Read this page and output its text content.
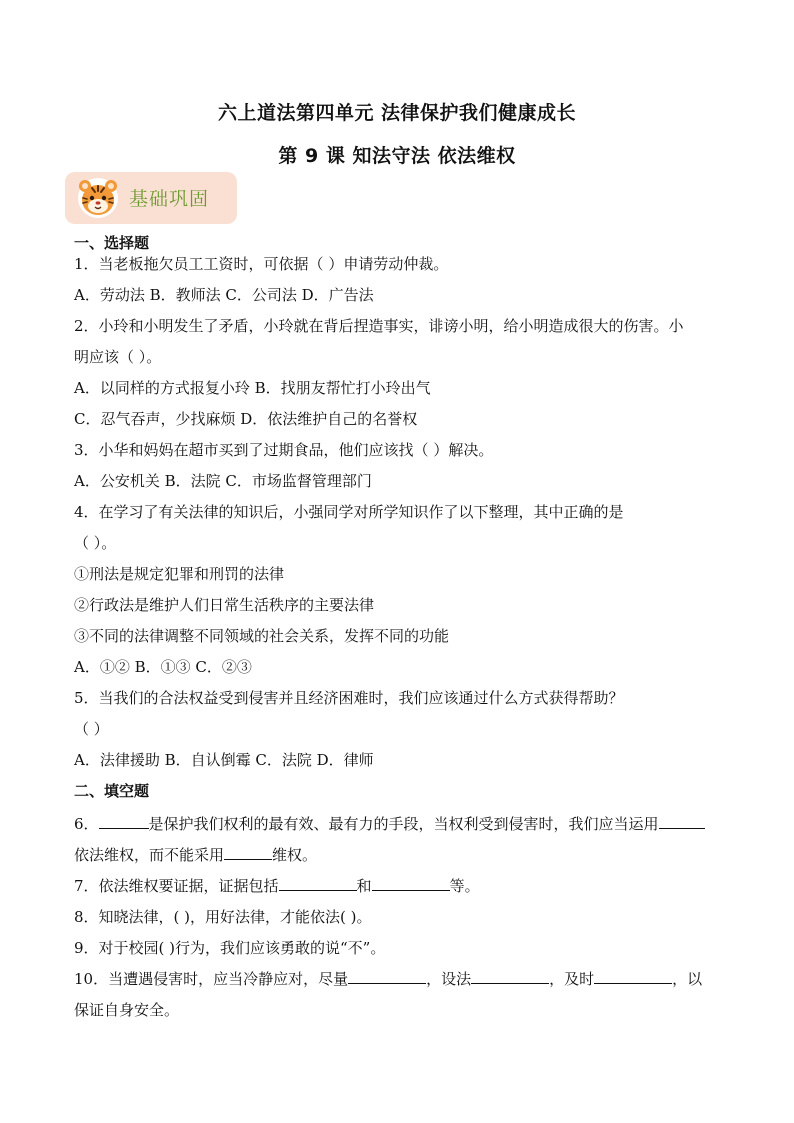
六上道法第四单元 法律保护我们健康成长
第 9 课 知法守法 依法维权
基础巩固
一、选择题
1．当老板拖欠员工工资时，可依据（ ）申请劳动仲裁。
A．劳动法 B．教师法 C．公司法 D．广告法
2．小玲和小明发生了矛盾，小玲就在背后捏造事实，诽谤小明，给小明造成很大的伤害。小
明应该（ ）。
A．以同样的方式报复小玲 B．找朋友帮忙打小玲出气
C．忍气吞声，少找麻烦 D．依法维护自己的名誉权
3．小华和妈妈在超市买到了过期食品，他们应该找（ ）解决。
A．公安机关 B．法院 C．市场监督管理部门
4．在学习了有关法律的知识后，小强同学对所学知识作了以下整理，其中正确的是
（ ）。
①刑法是规定犯罪和刑罚的法律
②行政法是维护人们日常生活秩序的主要法律
③不同的法律调整不同领域的社会关系，发挥不同的功能
A．①② B．①③ C．②③
5．当我们的合法权益受到侵害并且经济困难时，我们应该通过什么方式获得帮助？
（ ）
A．法律援助 B．自认倒霉 C．法院 D．律师
二、填空题
6．	是保护我们权利的最有效、最有力的手段，当权利受到侵害时，我们应当运用
依法维权，而不能采用	维权。
7．依法维权要证据，证据包括	和	等。
8．知晓法律，( )，用好法律，才能依法( )。
9．对于校园( )行为，我们应该勇敢的说“不”。
10．当遭遇侵害时，应当冷静应对，尽量	，设法	，及时	，以
保证自身安全。
